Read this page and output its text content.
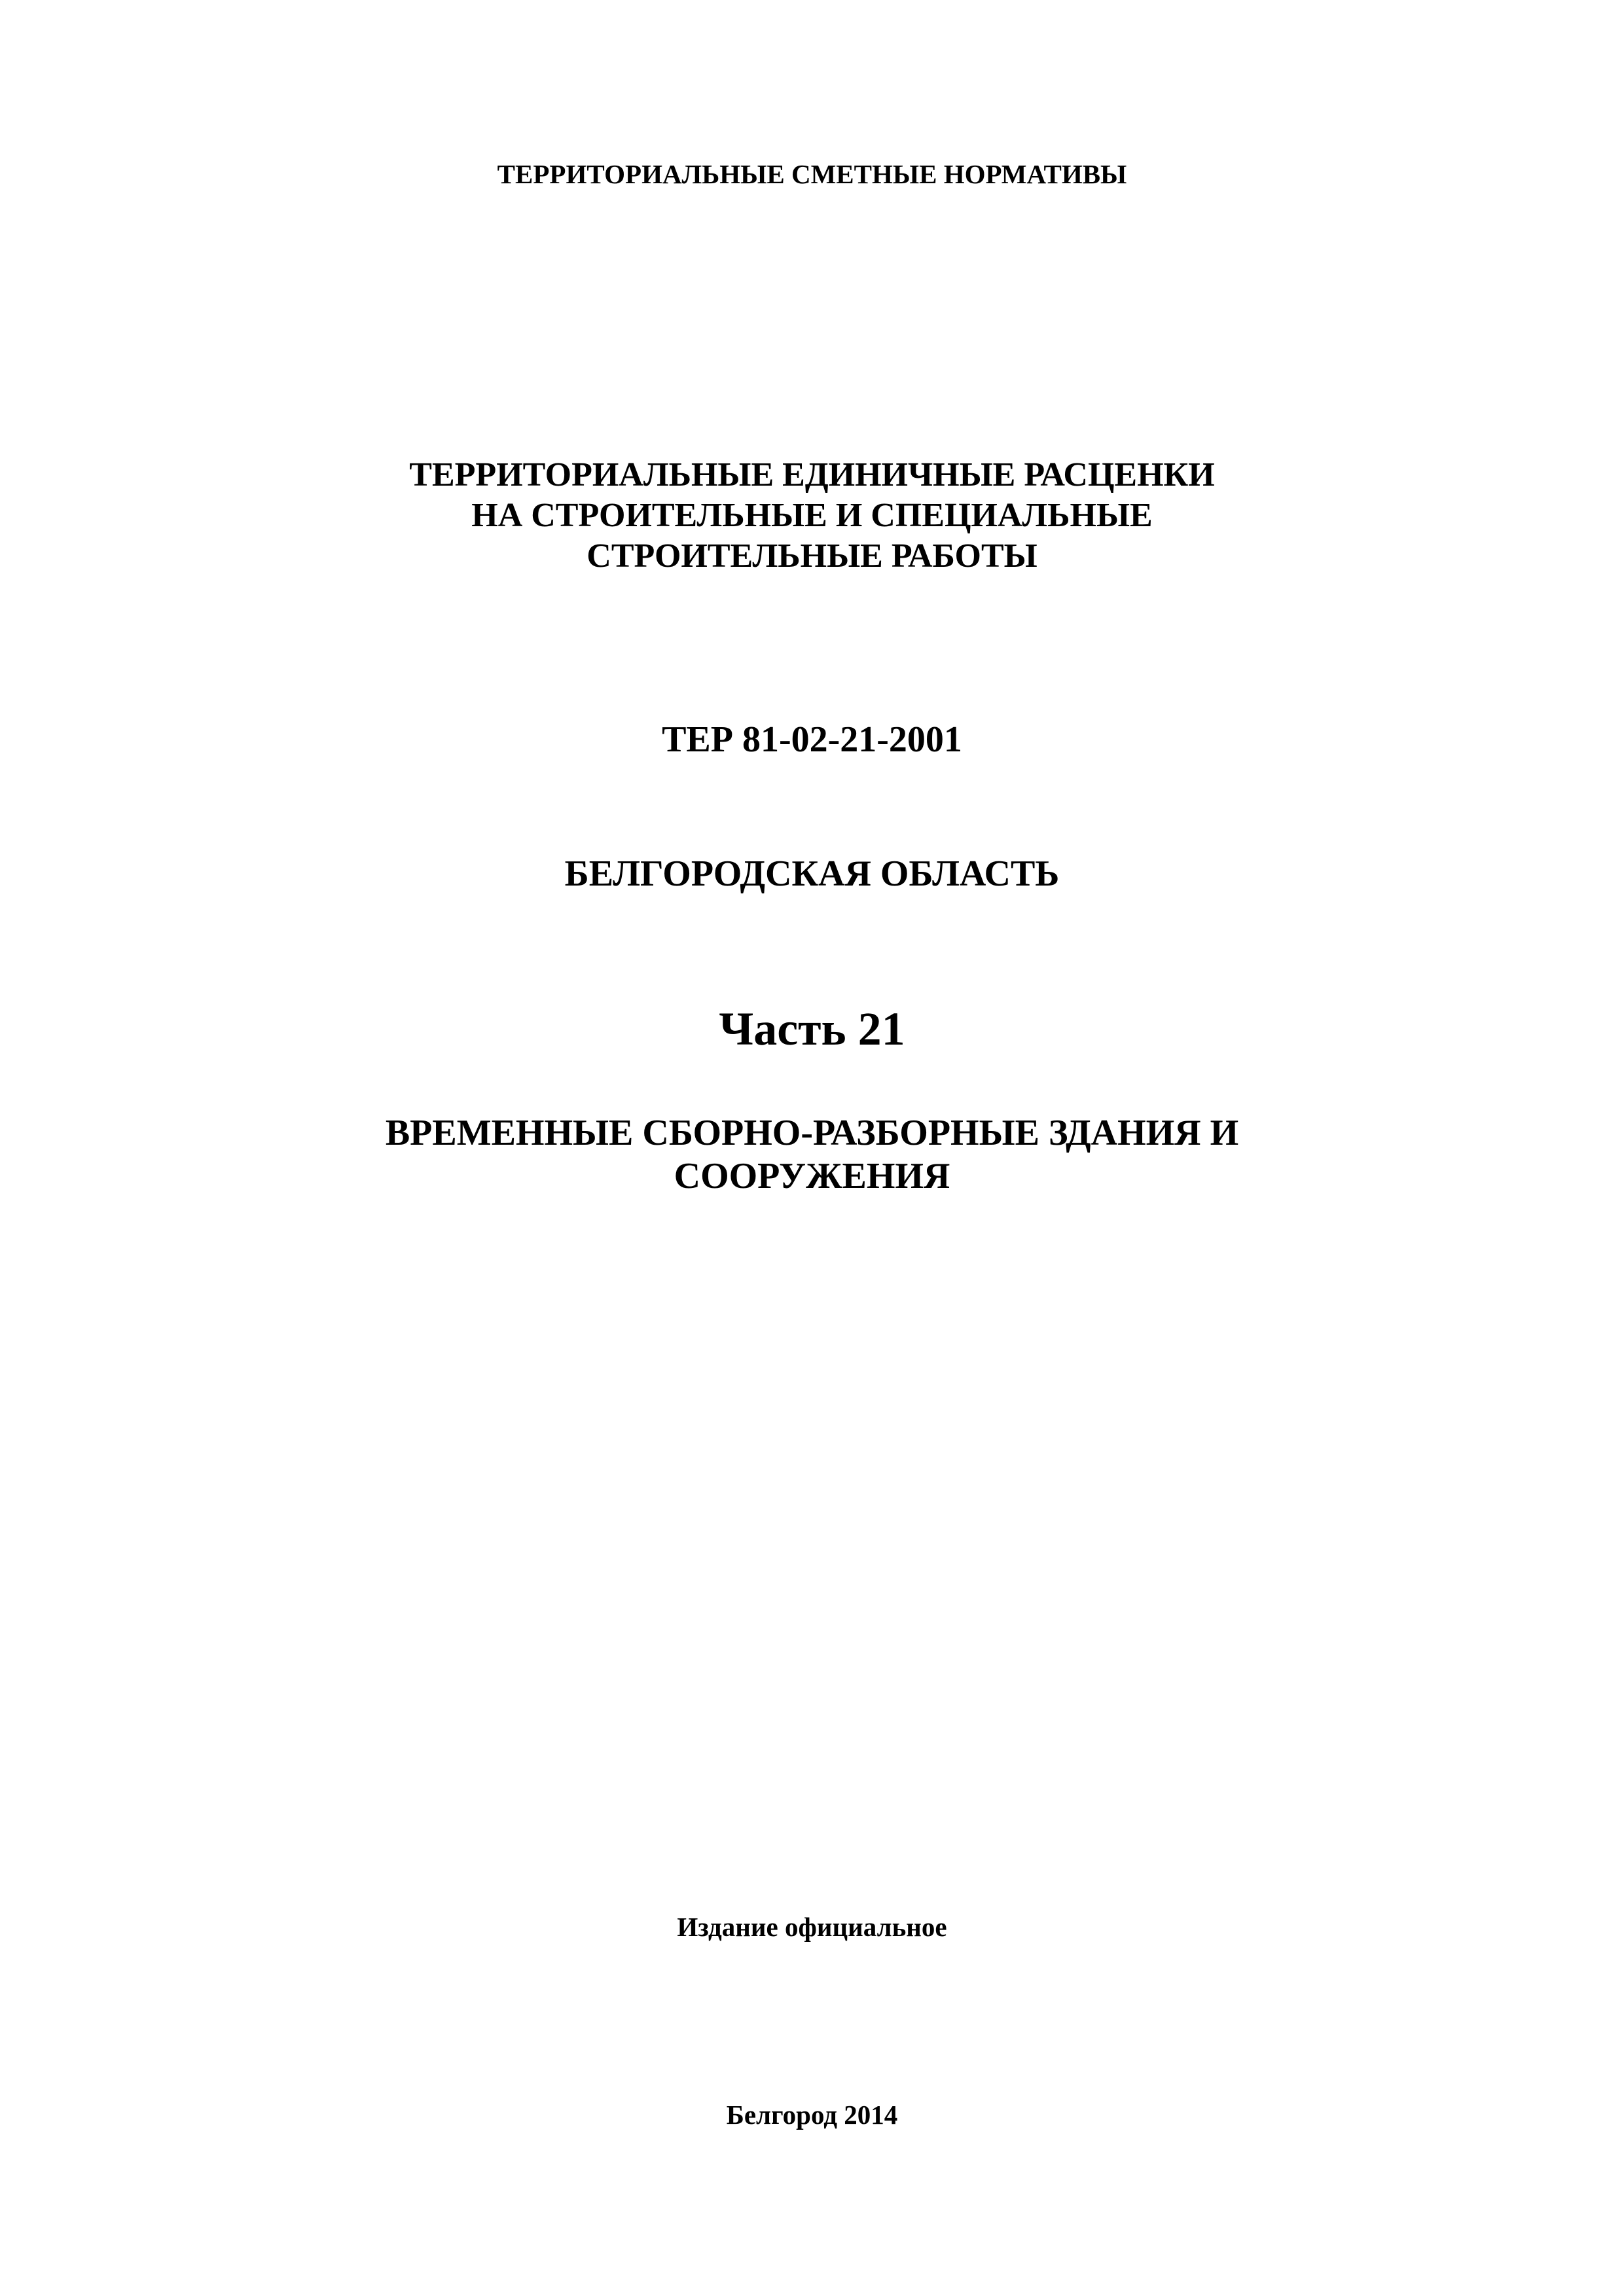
ТЕРРИТОРИАЛЬНЫЕ СМЕТНЫЕ НОРМАТИВЫ
ТЕРРИТОРИАЛЬНЫЕ ЕДИНИЧНЫЕ РАСЦЕНКИ
НА СТРОИТЕЛЬНЫЕ И СПЕЦИАЛЬНЫЕ
СТРОИТЕЛЬНЫЕ РАБОТЫ
ТЕР 81-02-21-2001
БЕЛГОРОДСКАЯ ОБЛАСТЬ
Часть 21
ВРЕМЕННЫЕ СБОРНО-РАЗБОРНЫЕ ЗДАНИЯ И
СООРУЖЕНИЯ
Издание официальное
Белгород 2014
